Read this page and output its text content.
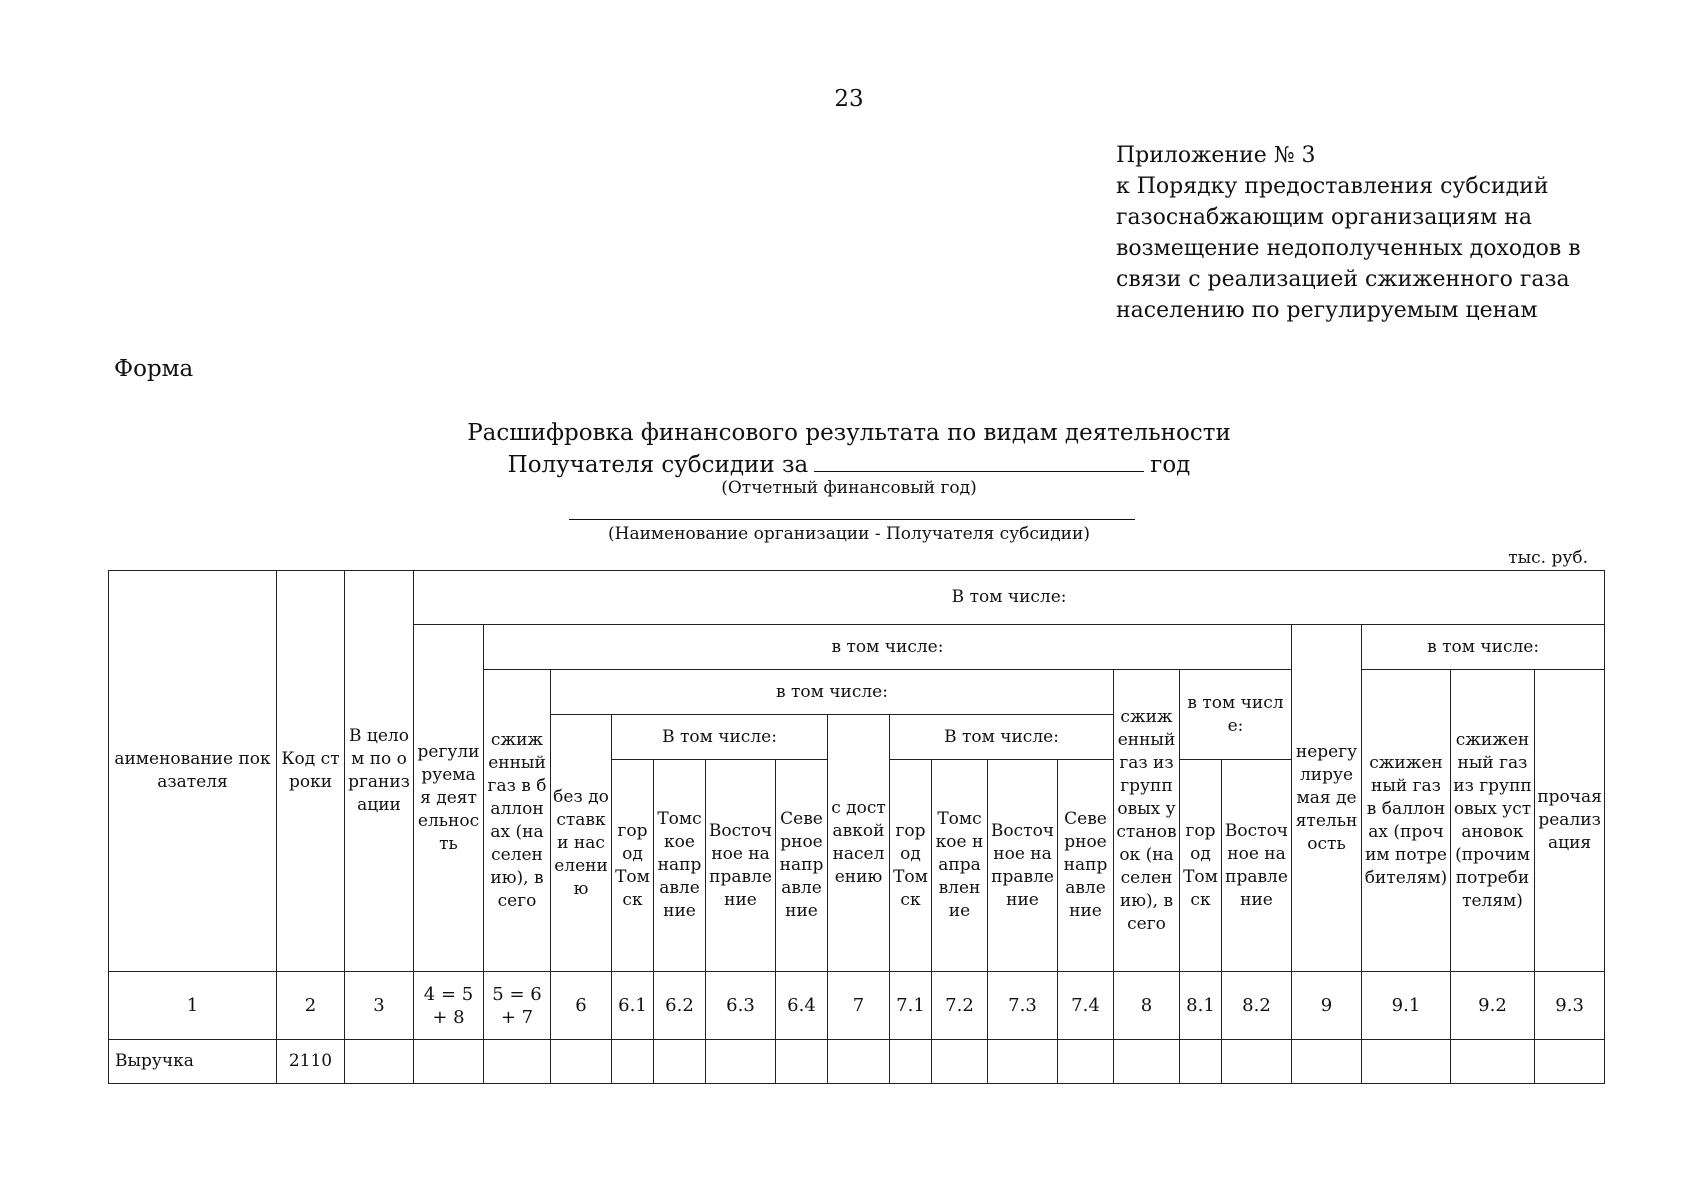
23
Приложение № 3
к Порядку предоставления субсидий
газоснабжающим организациям на
возмещение недополученных доходов в
связи с реализацией сжиженного газа
населению по регулируемым ценам
Форма
Расшифровка финансового результата по видам деятельности
Получателя субсидии за	год
(Отчетный финансовый год)
(Наименование организации - Получателя субсидии)
тыс. руб.
аименование показателя	Код строки	В целом по организации	В том числе:																		
			регулируемая деятельность	в том числе:														нерегулируемая деятельность	в том числе:		
				сжиженный газ в баллонах (населению), всего	в том числе:										сжиженный газ из групповых установок (населению), всего	в том числе:			сжиженный газ в баллонах (прочим потребителям)	сжиженный газ из групповых установок (прочим потребителям)	прочая реализация
					без доставки населению	В том числе:				с доставкой населению	В том числе:										
						город Томск	Томское направление	Восточное направление	Северное направление		город Томск	Томское направление	Восточное направление	Северное направление		город Томск	Восточное направление				
1	2	3	4 = 5 + 8	5 = 6 + 7	6	6.1	6.2	6.3	6.4	7	7.1	7.2	7.3	7.4	8	8.1	8.2	9	9.1	9.2	9.3
Выручка	2110																				
